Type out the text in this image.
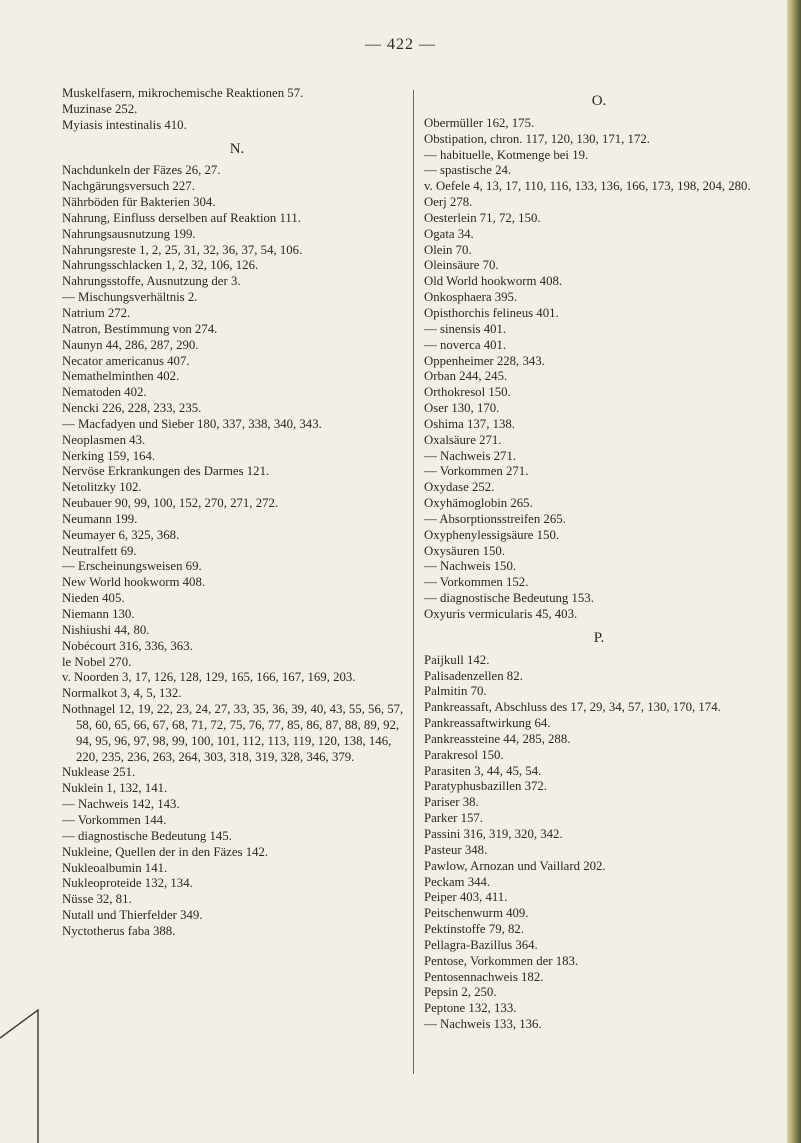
— 422 —
Muskelfasern, mikrochemische Reaktionen 57.
Muzinase 252.
Myiasis intestinalis 410.
N.
Nachdunkeln der Fäzes 26, 27.
Nachgärungsversuch 227.
Nährböden für Bakterien 304.
Nahrung, Einfluss derselben auf Reaktion 111.
Nahrungsausnutzung 199.
Nahrungsreste 1, 2, 25, 31, 32, 36, 37, 54, 106.
Nahrungsschlacken 1, 2, 32, 106, 126.
Nahrungsstoffe, Ausnutzung der 3.
— Mischungsverhältnis 2.
Natrium 272.
Natron, Bestimmung von 274.
Naunyn 44, 286, 287, 290.
Necator americanus 407.
Nemathelminthen 402.
Nematoden 402.
Nencki 226, 228, 233, 235.
— Macfadyen und Sieber 180, 337, 338, 340, 343.
Neoplasmen 43.
Nerking 159, 164.
Nervöse Erkrankungen des Darmes 121.
Netolitzky 102.
Neubauer 90, 99, 100, 152, 270, 271, 272.
Neumann 199.
Neumayer 6, 325, 368.
Neutralfett 69.
— Erscheinungsweisen 69.
New World hookworm 408.
Nieden 405.
Niemann 130.
Nishiushi 44, 80.
Nobécourt 316, 336, 363.
le Nobel 270.
v. Noorden 3, 17, 126, 128, 129, 165, 166, 167, 169, 203.
Normalkot 3, 4, 5, 132.
Nothnagel 12, 19, 22, 23, 24, 27, 33, 35, 36, 39, 40, 43, 55, 56, 57, 58, 60, 65, 66, 67, 68, 71, 72, 75, 76, 77, 85, 86, 87, 88, 89, 92, 94, 95, 96, 97, 98, 99, 100, 101, 112, 113, 119, 120, 138, 146, 220, 235, 236, 263, 264, 303, 318, 319, 328, 346, 379.
Nuklease 251.
Nuklein 1, 132, 141.
— Nachweis 142, 143.
— Vorkommen 144.
— diagnostische Bedeutung 145.
Nukleine, Quellen der in den Fäzes 142.
Nukleoalbumin 141.
Nukleoproteide 132, 134.
Nüsse 32, 81.
Nutall und Thierfelder 349.
Nyctotherus faba 388.
O.
Obermüller 162, 175.
Obstipation, chron. 117, 120, 130, 171, 172.
— habituelle, Kotmenge bei 19.
— spastische 24.
v. Oefele 4, 13, 17, 110, 116, 133, 136, 166, 173, 198, 204, 280.
Oerj 278.
Oesterlein 71, 72, 150.
Ogata 34.
Olein 70.
Oleinsäure 70.
Old World hookworm 408.
Onkosphaera 395.
Opisthorchis felineus 401.
— sinensis 401.
— noverca 401.
Oppenheimer 228, 343.
Orban 244, 245.
Orthokresol 150.
Oser 130, 170.
Oshima 137, 138.
Oxalsäure 271.
— Nachweis 271.
— Vorkommen 271.
Oxydase 252.
Oxyhämoglobin 265.
— Absorptionsstreifen 265.
Oxyphenylessigsäure 150.
Oxysäuren 150.
— Nachweis 150.
— Vorkommen 152.
— diagnostische Bedeutung 153.
Oxyuris vermicularis 45, 403.
P.
Paijkull 142.
Palisadenzellen 82.
Palmitin 70.
Pankreassaft, Abschluss des 17, 29, 34, 57, 130, 170, 174.
Pankreassaftwirkung 64.
Pankreassteine 44, 285, 288.
Parakresol 150.
Parasiten 3, 44, 45, 54.
Paratyphusbazillen 372.
Pariser 38.
Parker 157.
Passini 316, 319, 320, 342.
Pasteur 348.
Pawlow, Arnozan und Vaillard 202.
Peckam 344.
Peiper 403, 411.
Peitschenwurm 409.
Pektinstoffe 79, 82.
Pellagra-Bazillus 364.
Pentose, Vorkommen der 183.
Pentosennachweis 182.
Pepsin 2, 250.
Peptone 132, 133.
— Nachweis 133, 136.
